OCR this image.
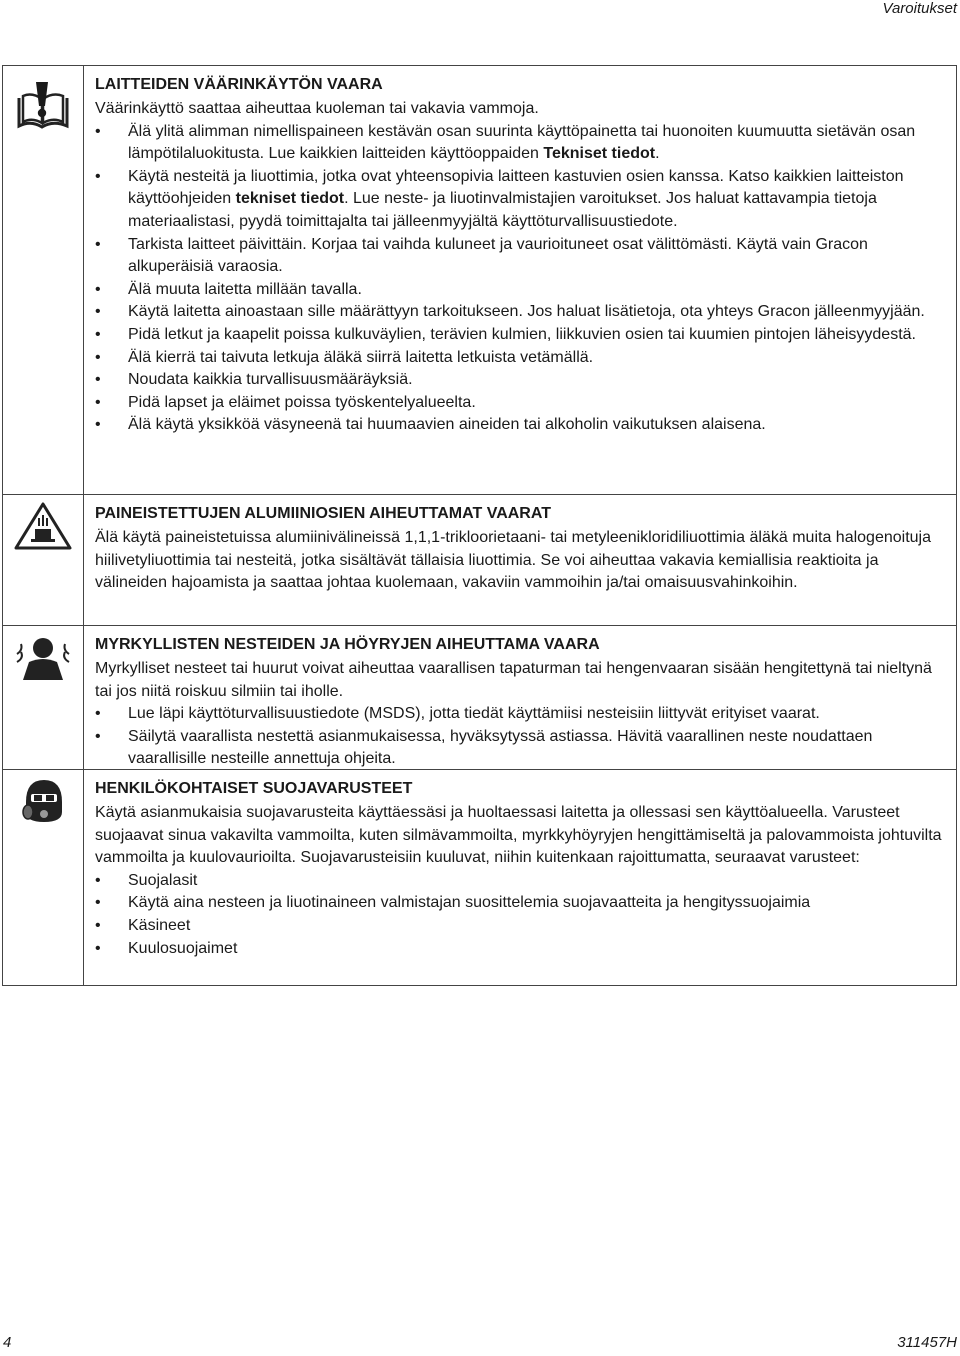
Varoitukset
LAITTEIDEN VÄÄRINKÄYTÖN VAARA

Väärinkäyttö saattaa aiheuttaa kuoleman tai vakavia vammoja.

• Älä ylitä alimman nimellispaineen kestävän osan suurinta käyttöpainetta tai huonoiten kuumuutta sietävän osan lämpötilaluokitusta. Lue kaikkien laitteiden käyttöoppaiden Tekniset tiedot.
• Käytä nesteitä ja liuottimia, jotka ovat yhteensopivia laitteen kastuvien osien kanssa. Katso kaikkien laitteiston käyttöohjeiden tekniset tiedot. Lue neste- ja liuotinvalmistajien varoitukset. Jos haluat kattavampia tietoja materiaalistasi, pyydä toimittajalta tai jälleenmyyjältä käyttöturvallisuustiedote.
• Tarkista laitteet päivittäin. Korjaa tai vaihda kuluneet ja vaurioituneet osat välittömästi. Käytä vain Gracon alkuperäisiä varaosia.
• Älä muuta laitetta millään tavalla.
• Käytä laitetta ainoastaan sille määrättyyn tarkoitukseen. Jos haluat lisätietoja, ota yhteys Gracon jälleenmyyjään.
• Pidä letkut ja kaapelit poissa kulkuväylien, terävien kulmien, liikkuvien osien tai kuumien pintojen läheisyydestä.
• Älä kierrä tai taivuta letkuja äläkä siirrä laitetta letkuista vetämällä.
• Noudata kaikkia turvallisuusmääräyksiä.
• Pidä lapset ja eläimet poissa työskentelyalueelta.
• Älä käytä yksikköä väsyneenä tai huumaavien aineiden tai alkoholin vaikutuksen alaisena.
PAINEISTETTUJEN ALUMIINIOSIEN AIHEUTTAMAT VAARAT

Älä käytä paineistetuissa alumiinivälineissä 1,1,1-trikloorietaani- tai metyleenikloridiliuottimia äläkä muita halogenoituja hiilivetyliuottimia tai nesteitä, jotka sisältävät tällaisia liuottimia. Se voi aiheuttaa vakavia kemiallisia reaktioita ja välineiden hajoamista ja saattaa johtaa kuolemaan, vakaviin vammoihin ja/tai omaisuusvahinkoihin.

MYRKYLLISTEN NESTEIDEN JA HÖYRYJEN AIHEUTTAMA VAARA

Myrkylliset nesteet tai huurut voivat aiheuttaa vaarallisen tapaturman tai hengenvaaran sisään hengitettynä tai nieltynä tai jos niitä roiskuu silmiin tai iholle.

• Lue läpi käyttöturvallisuustiedote (MSDS), jotta tiedät käyttämiisi nesteisiin liittyvät erityiset vaarat.
• Säilytä vaarallista nestettä asianmukaisessa, hyväksytyssä astiassa. Hävitä vaarallinen neste noudattaen vaarallisille nesteille annettuja ohjeita.
HENKILÖKOHTAISET SUOJAVARUSTEET

Käytä asianmukaisia suojavarusteita käyttäessäsi ja huoltaessasi laitetta ja ollessasi sen käyttöalueella. Varusteet suojaavat sinua vakavilta vammoilta, kuten silmävammoilta, myrkkyhöyryjen hengittämiseltä ja palovammoista johtuvilta vammoilta ja kuulovaurioilta. Suojavarusteisiin kuuluvat, niihin kuitenkaan rajoittumatta, seuraavat varusteet:

• Suojalasit
• Käytä aina nesteen ja liuotinaineen valmistajan suosittelemia suojavaatteita ja hengityssuojaimia
• Käsineet
• Kuulosuojaimet
4	311457H
